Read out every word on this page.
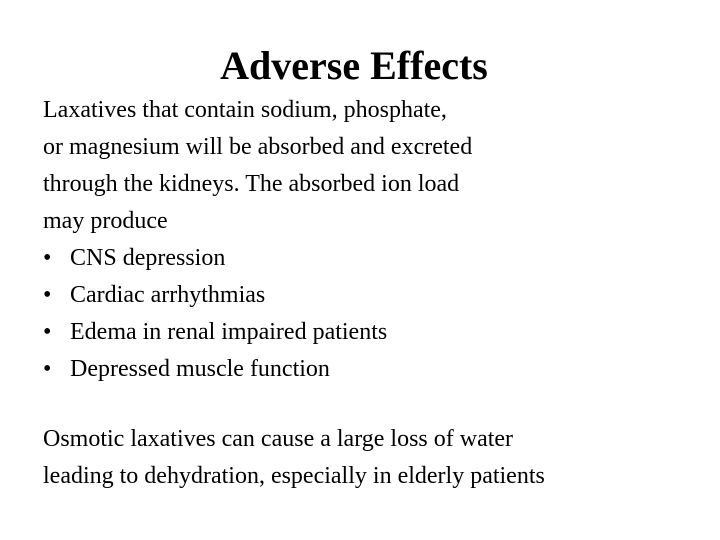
Adverse Effects
Laxatives that contain sodium, phosphate,
or magnesium will be absorbed and excreted
through the kidneys. The absorbed ion load
may produce
• CNS depression
• Cardiac arrhythmias
• Edema in renal impaired patients
• Depressed muscle function
Osmotic laxatives can cause a large loss of water
leading to dehydration, especially in elderly patients
